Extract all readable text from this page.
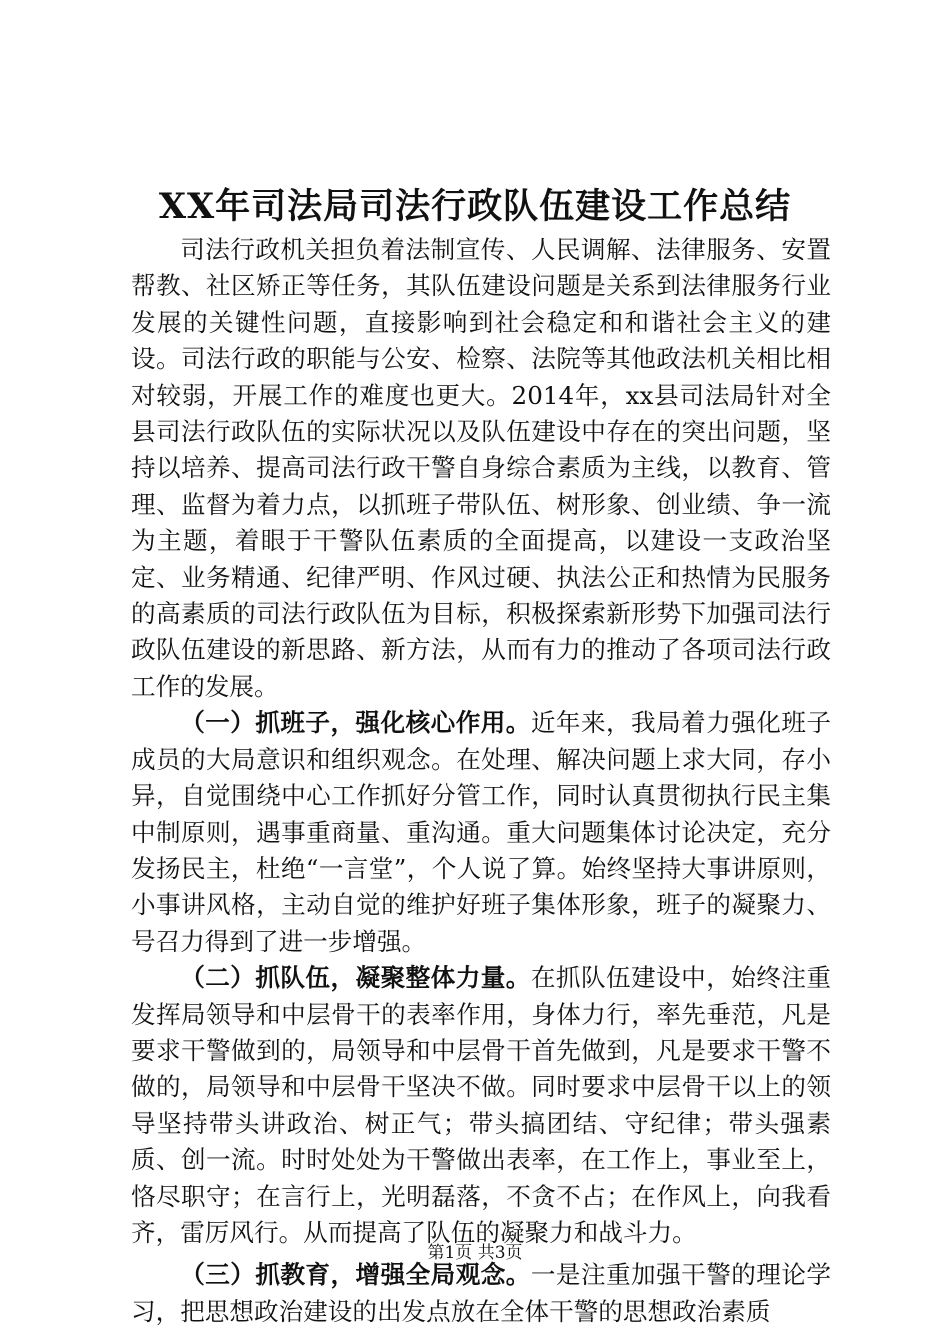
XX年司法局司法行政队伍建设工作总结

司法行政机关担负着法制宣传、人民调解、法律服务、安置帮教、社区矫正等任务，其队伍建设问题是关系到法律服务行业发展的关键性问题，直接影响到社会稳定和和谐社会主义的建设。司法行政的职能与公安、检察、法院等其他政法机关相比相对较弱，开展工作的难度也更大。2014年，xx县司法局针对全县司法行政队伍的实际状况以及队伍建设中存在的突出问题，坚持以培养、提高司法行政干警自身综合素质为主线，以教育、管理、监督为着力点，以抓班子带队伍、树形象、创业绩、争一流为主题，着眼于干警队伍素质的全面提高，以建设一支政治坚定、业务精通、纪律严明、作风过硬、执法公正和热情为民服务的高素质的司法行政队伍为目标，积极探索新形势下加强司法行政队伍建设的新思路、新方法，从而有力的推动了各项司法行政工作的发展。

（一）抓班子，强化核心作用。近年来，我局着力强化班子成员的大局意识和组织观念。在处理、解决问题上求大同，存小异，自觉围绕中心工作抓好分管工作，同时认真贯彻执行民主集中制原则，遇事重商量、重沟通。重大问题集体讨论决定，充分发扬民主，杜绝“一言堂”，个人说了算。始终坚持大事讲原则，小事讲风格，主动自觉的维护好班子集体形象，班子的凝聚力、号召力得到了进一步增强。

（二）抓队伍，凝聚整体力量。在抓队伍建设中，始终注重发挥局领导和中层骨干的表率作用，身体力行，率先垂范，凡是要求干警做到的，局领导和中层骨干首先做到，凡是要求干警不做的，局领导和中层骨干坚决不做。同时要求中层骨干以上的领导坚持带头讲政治、树正气；带头搞团结、守纪律；带头强素质、创一流。时时处处为干警做出表率，在工作上，事业至上，恪尽职守；在言行上，光明磊落，不贪不占；在作风上，向我看齐，雷厉风行。从而提高了队伍的凝聚力和战斗力。

（三）抓教育，增强全局观念。一是注重加强干警的理论学习，把思想政治建设的出发点放在全体干警的思想政治素质

第1页 共3页
